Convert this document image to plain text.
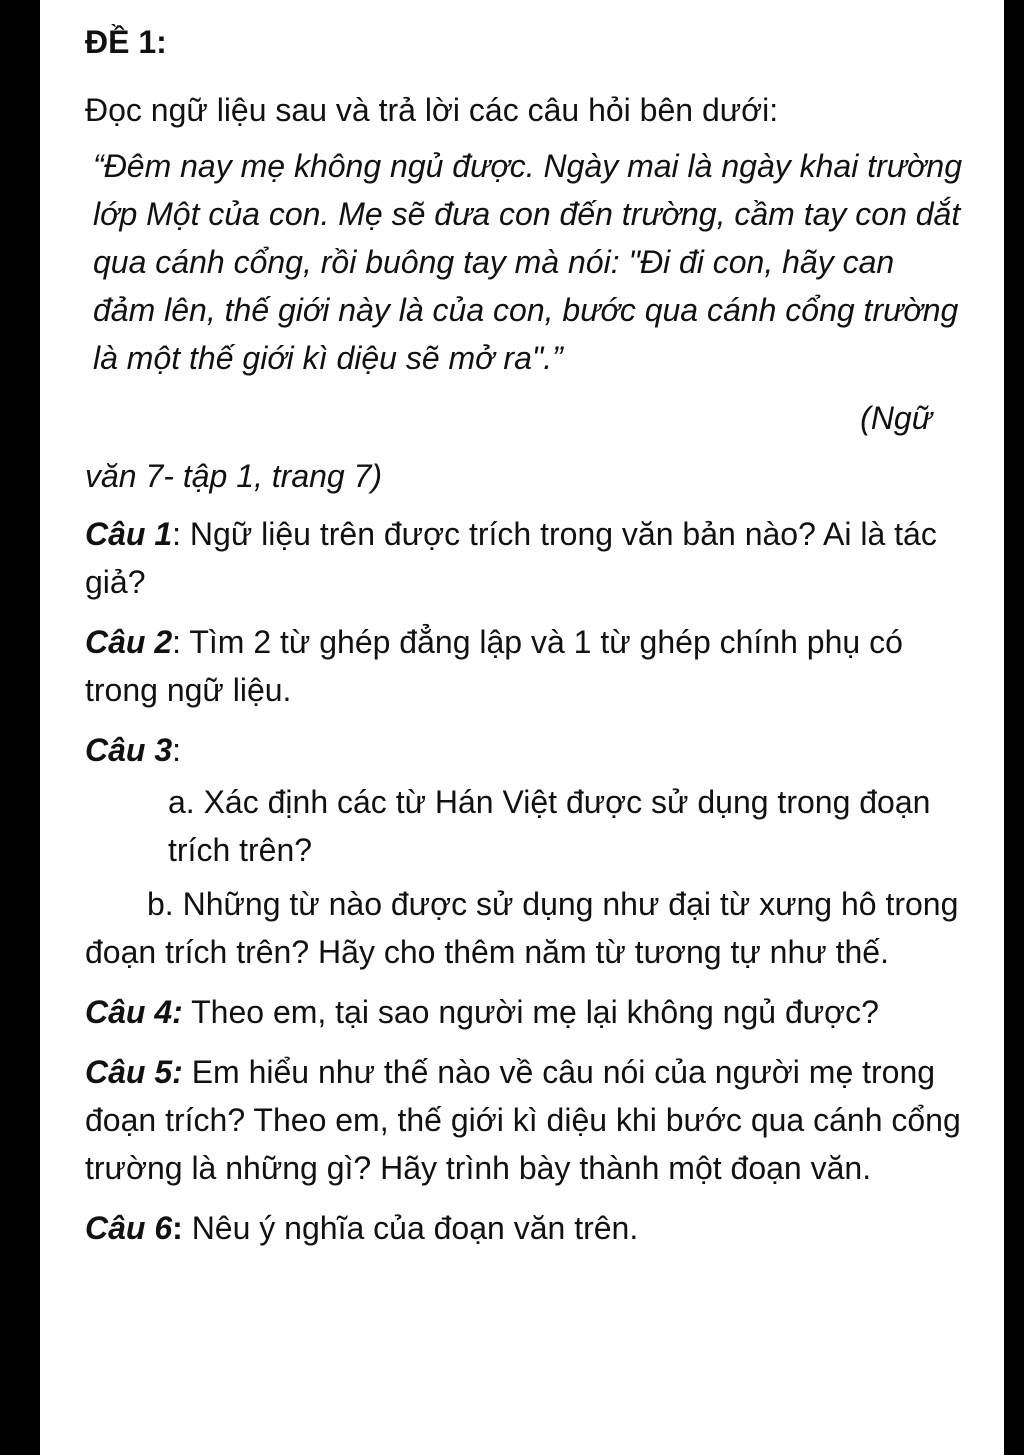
ĐỀ 1:
Đọc ngữ liệu sau và trả lời các câu hỏi bên dưới:
“Đêm nay mẹ không ngủ được. Ngày mai là ngày khai trường lớp Một của con. Mẹ sẽ đưa con đến trường, cầm tay con dắt qua cánh cổng, rồi buông tay mà nói: "Đi đi con, hãy can đảm lên, thế giới này là của con, bước qua cánh cổng trường là một thế giới kì diệu sẽ mở ra".”
(Ngữ
văn 7- tập 1, trang 7)
Câu 1: Ngữ liệu trên được trích trong văn bản nào? Ai là tác giả?
Câu 2: Tìm 2 từ ghép đẳng lập và 1 từ ghép chính phụ có trong ngữ liệu.
Câu 3:
a. Xác định các từ Hán Việt được sử dụng trong đoạn trích trên?
b. Những từ nào được sử dụng như đại từ xưng hô trong đoạn trích trên? Hãy cho thêm năm từ tương tự như thế.
Câu 4: Theo em, tại sao người mẹ lại không ngủ được?
Câu 5: Em hiểu như thế nào về câu nói của người mẹ trong đoạn trích? Theo em, thế giới kì diệu khi bước qua cánh cổng trường là những gì? Hãy trình bày thành một đoạn văn.
Câu 6: Nêu ý nghĩa của đoạn văn trên.
